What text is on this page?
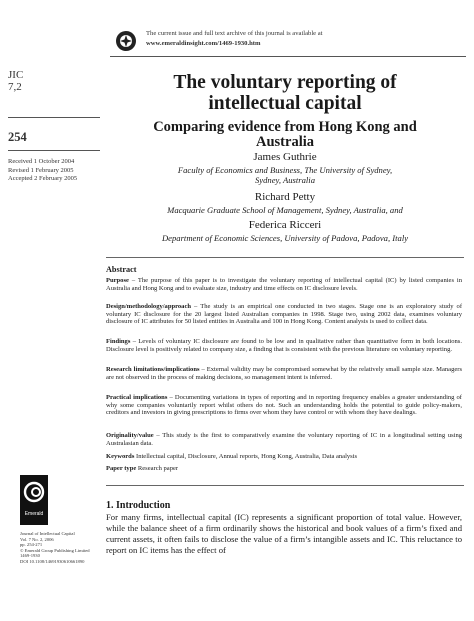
The current issue and full text archive of this journal is available at
www.emeraldinsight.com/1469-1930.htm
JIC
7,2
254
Received 1 October 2004
Revised 1 February 2005
Accepted 2 February 2005
The voluntary reporting of
intellectual capital
Comparing evidence from Hong Kong and
Australia
James Guthrie
Faculty of Economics and Business, The University of Sydney,
Sydney, Australia
Richard Petty
Macquarie Graduate School of Management, Sydney, Australia, and
Federica Ricceri
Department of Economic Sciences, University of Padova, Padova, Italy
Abstract
Purpose – The purpose of this paper is to investigate the voluntary reporting of intellectual capital (IC) by listed companies in Australia and Hong Kong and to evaluate size, industry and time effects on IC disclosure levels.
Design/methodology/approach – The study is an empirical one conducted in two stages. Stage one is an exploratory study of voluntary IC disclosure for the 20 largest listed Australian companies in 1998. Stage two, using 2002 data, examines voluntary disclosure of IC attributes for 50 listed entities in Australia and 100 in Hong Kong. Content analysis is used to collect data.
Findings – Levels of voluntary IC disclosure are found to be low and in qualitative rather than quantitative form in both locations. Disclosure level is positively related to company size, a finding that is consistent with the previous literature on voluntary reporting.
Research limitations/implications – External validity may be compromised somewhat by the relatively small sample size. Managers are not observed in the process of making decisions, so management intent is inferred.
Practical implications – Documenting variations in types of reporting and in reporting frequency enables a greater understanding of why some companies voluntarily report whilst others do not. Such an understanding holds the potential to guide policy-makers, creditors and investors in giving prescriptions to firms over whom they have control or with whom they have dealings.
Originality/value – This study is the first to comparatively examine the voluntary reporting of IC in a longitudinal setting using Australasian data.
Keywords Intellectual capital, Disclosure, Annual reports, Hong Kong, Australia, Data analysis
Paper type Research paper
Emerald
Journal of Intellectual Capital
Vol. 7 No. 2, 2006
pp. 254-271
© Emerald Group Publishing Limited
1469-1930
DOI 10.1108/14691930610661890
1. Introduction
For many firms, intellectual capital (IC) represents a significant proportion of total value. However, while the balance sheet of a firm ordinarily shows the historical and book values of a firm’s fixed and current assets, it often fails to disclose the value of a firm’s intangible assets and IC. This reluctance to report on IC items has the effect of
